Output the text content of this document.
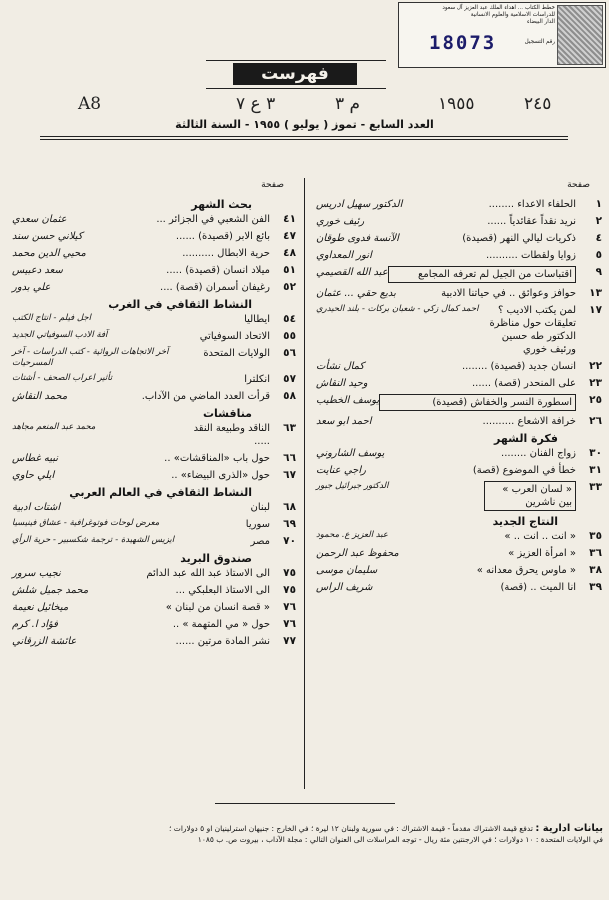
خطط الكتاب ... اهداء الملك عبد العزيز آل سعود
للدراسات الاسلامية والعلوم الانسانية
الدار البيضاء
رقم التسجيل
18073
فهرست
A8	٣ ع ٧	م ٣	١٩٥٥	٢٤٥
العدد السابع - تموز ( يوليو ) ١٩٥٥ - السنة الثالثة
صفحة
١
الحلفاء الاعداء ........
الدكتور سهيل ادريس
٢
نريد نقداً عقائدياً ......
رئيف خوري
٤
ذكريات ليالي النهر (قصيدة)
الآنسة فدوى طوقان
٥
زوايا ولقطات ..........
انور المعداوي
٩
اقتباسات من الجيل لم تعرفه المجامع
عبد الله القصيمي
١٣
حوافز وعوائق .. في حياتنا الادبية
بديع حقي ... عثمان
١٧
لمن يكتب الاديب ؟ تعليقات حول مناظرة الدكتور طه حسين ورئيف خوري
احمد كمال زكي - شعبان بركات - بلند الحيدري
٢٢
انسان جديد (قصيدة) ........
كمال نشأت
٢٣
على المنحدر (قصة) ......
وحيد النقاش
٢٥
اسطورة النسر والخفاش (قصيدة)
يوسف الخطيب
٢٦
خرافة الاشعاع ..........
احمد ابو سعد
فكرة الشهر
٣٠
زواج الفنان ........
يوسف الشاروني
٣١
خطأ في الموضوع (قصة)
راجي عنايت
٣٣
« لسان العرب » بين ناشرين
الدكتور جبرائيل جبور
النتاج الجديد
٣٥
« انت .. انت .. »
عبد العزيز ع. محمود
٣٦
« امرأة العزيز »
محفوظ عبد الرحمن
٣٨
« ماوس يحرق معدانه »
سليمان موسى
٣٩
انا الميت .. (قصة)
شريف الراس
صفحة
بحث الشهر
٤١
الفن الشعبي في الجزائر ...
عثمان سعدي
٤٧
بائع الابر (قصيدة) ......
كيلاني حسن سند
٤٨
حرية الابطال ..........
محيي الدين محمد
٥١
ميلاد انسان (قصيدة) .....
سعد دعبيس
٥٢
رغيفان أسمران (قصة) ....
علي بدور
النشاط الثقافي في الغرب
٥٤
ايطاليا
اجل فيلم - انتاج الكتب
٥٥
الاتحاد السوفياتي
آفة الادب السوفياتي الجديد
٥٦
الولايات المتحدة
آخر الاتجاهات الروائية - كتب الدراسات - آخر المسرحيات
٥٧
انكلترا
تأثير اعراب الصحف - أشتات
٥٨
قرأت العدد الماضي من الآداب.
محمد النقاش
مناقشات
٦٣
الناقد وطبيعة النقد .....
محمد عبد المنعم مجاهد
٦٦
حول باب «المناقشات» ..
نبيه غطاس
٦٧
حول «الذرى البيضاء» ..
ايلي حاوي
النشاط الثقافي في العالم العربي
٦٨
لبنان
اشتات ادبية
٦٩
سوريا
معرض لوحات فوتوغرافية - عشاق فينيسيا
٧٠
مصر
ايزيس الشهيدة - ترجمة شكسبير - حرية الرأي
صندوق البريد
٧٥
الى الاستاذ عبد الله عبد الدائم
نجيب سرور
٧٥
الى الاستاذ البعلبكي ...
محمد جميل شلش
٧٦
« قصة انسان من لبنان »
ميخائيل نعيمة
٧٦
حول « مي المتهمة » ..
فؤاد ا. كرم
٧٧
نشر المادة مرتين ......
عائشة الزرقاني
بيانات ادارية : تدفع قيمة الاشتراك مقدماً - قيمة الاشتراك : في سورية ولبنان ١٢ ليرة ؛ في الخارج : جنيهان استرلينيان او ٥ دولارات ؛
في الولايات المتحدة : ١٠ دولارات ؛ في الارجنتين مئة ريال - توجه المراسلات الى العنوان التالي : مجلة الآداب ، بيروت ص. ب ١٠٨٥
